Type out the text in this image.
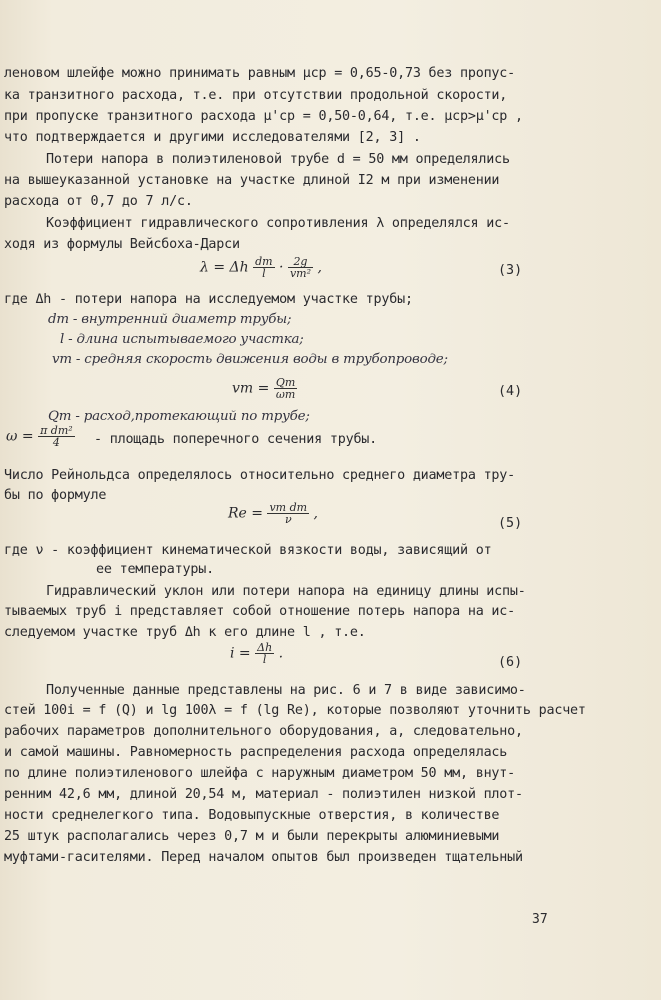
леновом шлейфе можно принимать равным μср = 0,65-0,73 без пропус-
ка транзитного расхода, т.е. при отсутствии продольной скорости,
при пропуске транзитного расхода μ'ср = 0,50-0,64, т.е. μср>μ'ср ,
что подтверждается и другими исследователями [2, 3] .
Потери напора в полиэтиленовой трубе d = 50 мм определялись
на вышеуказанной установке на участке длиной I2 м при изменении
расхода от 0,7 до 7 л/с.
Коэффициент гидравлического сопротивления λ определялся ис-
ходя из формулы Вейсбоха-Дарси
λ = Δh $\frac{dт}{l} \cdot \frac{2g}{\text{vт²}}$ ,	(3)
где Δh - потери напора на исследуемом участке трубы;
dт - внутренний диаметр трубы;
l - длина испытываемого участка;
vт - средняя скорость движения воды в трубопроводе;
vт = $\frac{Qт}{\omega т}$	(4)
Qт - расход,протекающий по трубе;
$\omega = \frac{\text{π dт²}}{4}$ - площадь поперечного сечения трубы.
Число Рейнольдса определялось относительно среднего диаметра тру-
бы по формуле
$Re = \frac{\text{vт dт}}{\nu}$ ,
(5)
где ν - коэффициент кинематической вязкости воды, зависящий от
ее температуры.
Гидравлический уклон или потери напора на единицу длины испы-
тываемых труб i представляет собой отношение потерь напора на ис-
следуемом участке труб Δh к его длине l , т.е.
$i = \frac{\Delta h}{l}$ .
(6)
Полученные данные представлены на рис. 6 и 7 в виде зависимо-
стей 100i = f (Q) и lg 100λ = f (lg Re), которые позволяют уточнить расчет
рабочих параметров дополнительного оборудования, а, следовательно,
и самой машины. Равномерность распределения расхода определялась
по длине полиэтиленового шлейфа с наружным диаметром 50 мм, внут-
ренним 42,6 мм, длиной 20,54 м, материал - полиэтилен низкой плот-
ности среднелегкого типа. Водовыпускные отверстия, в количестве
25 штук располагались через 0,7 м и были перекрыты алюминиевыми
муфтами-гасителями. Перед началом опытов был произведен тщательный
37
